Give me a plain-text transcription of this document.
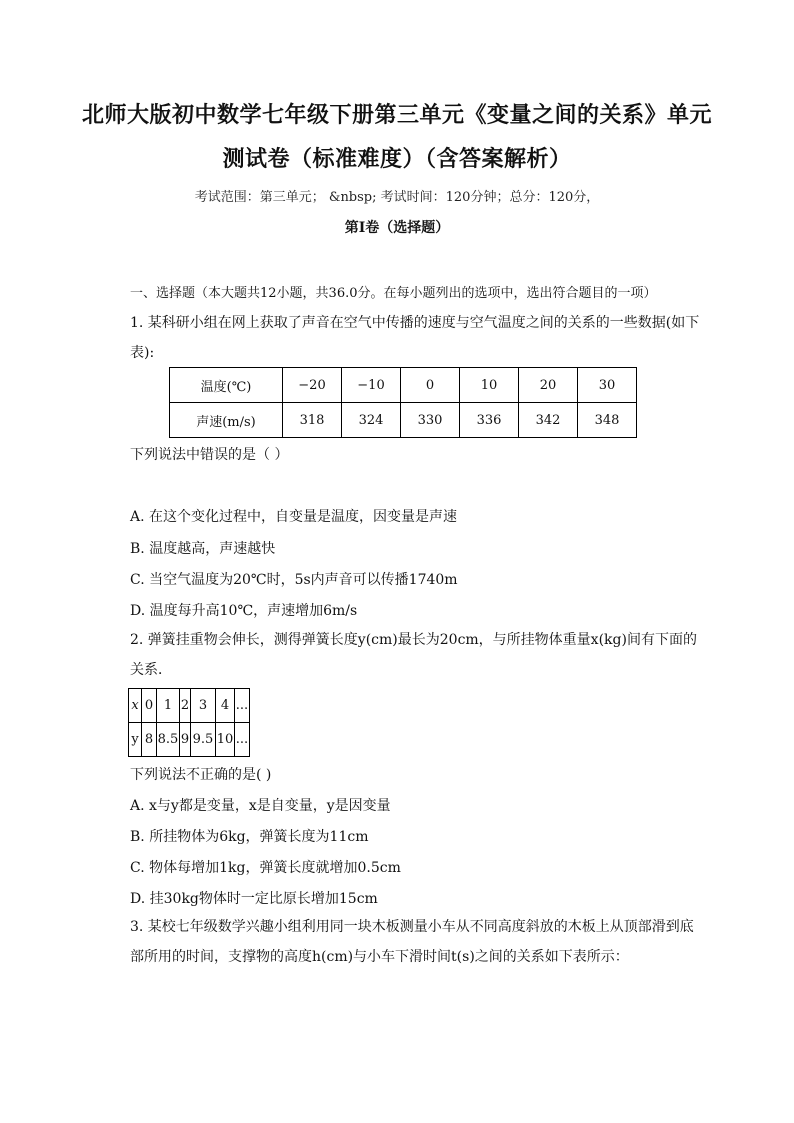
北师大版初中数学七年级下册第三单元《变量之间的关系》单元
测试卷（标准难度）（含答案解析）
考试范围：第三单元； &nbsp; 考试时间：120分钟；总分：120分，
第I卷（选择题）
一、选择题（本大题共12小题，共36.0分。在每小题列出的选项中，选出符合题目的一项）
1. 某科研小组在网上获取了声音在空气中传播的速度与空气温度之间的关系的一些数据(如下表):
温度(℃)	−20	−10	0	10	20	30
声速(m/s)	318	324	330	336	342	348
下列说法中错误的是（ ）
A. 在这个变化过程中，自变量是温度，因变量是声速
B. 温度越高，声速越快
C. 当空气温度为20℃时，5s内声音可以传播1740m
D. 温度每升高10℃，声速增加6m/s
2. 弹簧挂重物会伸长，测得弹簧长度y(cm)最长为20cm，与所挂物体重量x(kg)间有下面的关系．
x	0	1	2	3	4	...
y	8	8.5	9	9.5	10	...
下列说法不正确的是( )
A. x与y都是变量，x是自变量，y是因变量
B. 所挂物体为6kg，弹簧长度为11cm
C. 物体每增加1kg，弹簧长度就增加0.5cm
D. 挂30kg物体时一定比原长增加15cm
3. 某校七年级数学兴趣小组利用同一块木板测量小车从不同高度斜放的木板上从顶部滑到底部所用的时间，支撑物的高度h(cm)与小车下滑时间t(s)之间的关系如下表所示：
